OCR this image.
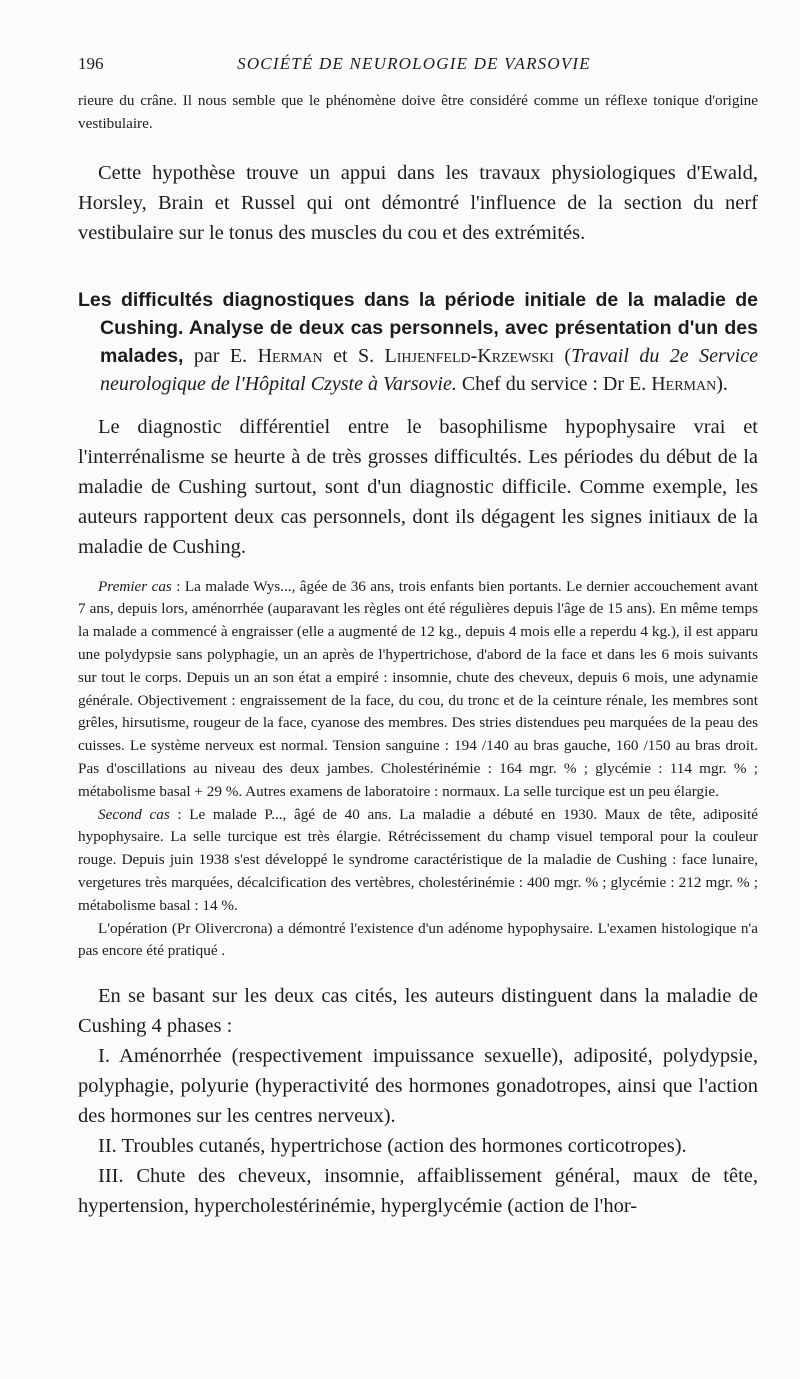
196	SOCIÉTÉ DE NEUROLOGIE DE VARSOVIE

rieure du crâne. Il nous semble que le phénomène doive être considéré comme un réflexe tonique d'origine vestibulaire.

Cette hypothèse trouve un appui dans les travaux physiologiques d'Ewald, Horsley, Brain et Russel qui ont démontré l'influence de la section du nerf vestibulaire sur le tonus des muscles du cou et des extrémités.

Les difficultés diagnostiques dans la période initiale de la maladie de Cushing. Analyse de deux cas personnels, avec présentation d'un des malades, par E. Herman et S. Lihjenfeld-Krzewski (Travail du 2e Service neurologique de l'Hôpital Czyste à Varsovie. Chef du service : Dr E. Herman).

Le diagnostic différentiel entre le basophilisme hypophysaire vrai et l'interrénalisme se heurte à de très grosses difficultés. Les périodes du début de la maladie de Cushing surtout, sont d'un diagnostic difficile. Comme exemple, les auteurs rapportent deux cas personnels, dont ils dégagent les signes initiaux de la maladie de Cushing.

Premier cas : La malade Wys..., âgée de 36 ans, trois enfants bien portants. Le dernier accouchement avant 7 ans, depuis lors, aménorrhée (auparavant les règles ont été régulières depuis l'âge de 15 ans). En même temps la malade a commencé à engraisser (elle a augmenté de 12 kg., depuis 4 mois elle a reperdu 4 kg.), il est apparu une polydypsie sans polyphagie, un an après de l'hypertrichose, d'abord de la face et dans les 6 mois suivants sur tout le corps. Depuis un an son état a empiré : insomnie, chute des cheveux, depuis 6 mois, une adynamie générale. Objectivement : engraissement de la face, du cou, du tronc et de la ceinture rénale, les membres sont grêles, hirsutisme, rougeur de la face, cyanose des membres. Des stries distendues peu marquées de la peau des cuisses. Le système nerveux est normal. Tension sanguine : 194 /140 au bras gauche, 160 /150 au bras droit. Pas d'oscillations au niveau des deux jambes. Cholestérinémie : 164 mgr. % ; glycémie : 114 mgr. % ; métabolisme basal + 29 %. Autres examens de laboratoire : normaux. La selle turcique est un peu élargie.

Second cas : Le malade P..., âgé de 40 ans. La maladie a débuté en 1930. Maux de tête, adiposité hypophysaire. La selle turcique est très élargie. Rétrécissement du champ visuel temporal pour la couleur rouge. Depuis juin 1938 s'est développé le syndrome caractéristique de la maladie de Cushing : face lunaire, vergetures très marquées, décalcification des vertèbres, cholestérinémie : 400 mgr. % ; glycémie : 212 mgr. % ; métabolisme basal : 14 %.

L'opération (Pr Olivercrona) a démontré l'existence d'un adénome hypophysaire. L'examen histologique n'a pas encore été pratiqué .

En se basant sur les deux cas cités, les auteurs distinguent dans la maladie de Cushing 4 phases :

I. Aménorrhée (respectivement impuissance sexuelle), adiposité, polydypsie, polyphagie, polyurie (hyperactivité des hormones gonadotropes, ainsi que l'action des hormones sur les centres nerveux).

II. Troubles cutanés, hypertrichose (action des hormones corticotropes).

III. Chute des cheveux, insomnie, affaiblissement général, maux de tête, hypertension, hypercholestérinémie, hyperglycémie (action de l'hor-
